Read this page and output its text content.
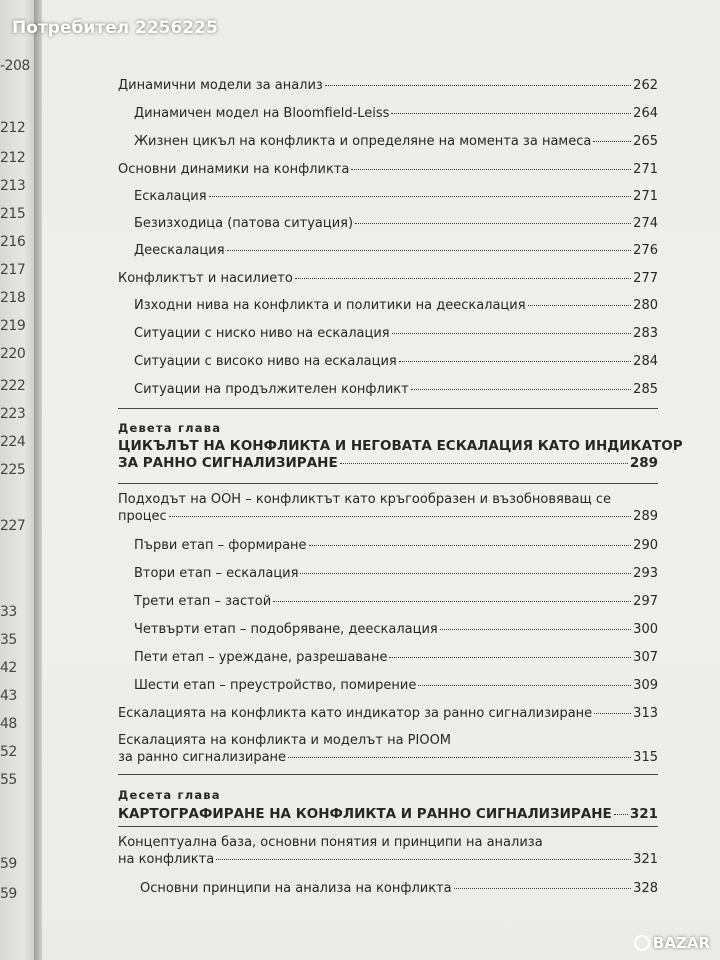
-208
212
212
213
215
216
217
218
219
220
222
223
224
225
227
33
35
42
43
48
52
55
59
59
Динамични модели за анализ	262
Динамичен модел на Bloomfield-Leiss	264
Жизнен цикъл на конфликта и определяне на момента за намеса	265
Основни динамики на конфликта	271
Ескалация	271
Безизходица (патова ситуация)	274
Деескалация	276
Конфликтът и насилието	277
Изходни нива на конфликта и политики на деескалация	280
Ситуации с ниско ниво на ескалация	283
Ситуации с високо ниво на ескалация	284
Ситуации на продължителен конфликт	285
Девета глава
ЦИКЪЛЪТ НА КОНФЛИКТА И НЕГОВАТА ЕСКАЛАЦИЯ КАТО ИНДИКАТОР
ЗА РАННО СИГНАЛИЗИРАНЕ	289
Подходът на ООН – конфликтът като кръгообразен и възобновяващ се
процес	289
Първи етап – формиране	290
Втори етап – ескалация	293
Трети етап – застой	297
Четвърти етап – подобряване, деескалация	300
Пети етап – уреждане, разрешаване	307
Шести етап – преустройство, помирение	309
Ескалацията на конфликта като индикатор за ранно сигнализиране	313
Ескалацията на конфликта и моделът на PIOOM
за ранно сигнализиране	315
Десета глава
КАРТОГРАФИРАНЕ НА КОНФЛИКТА И РАННО СИГНАЛИЗИРАНЕ 321
Концептуална база, основни понятия и принципи на анализа
на конфликта	321
Основни принципи на анализа на конфликта	328
Потребител 2256225
BAZAR
